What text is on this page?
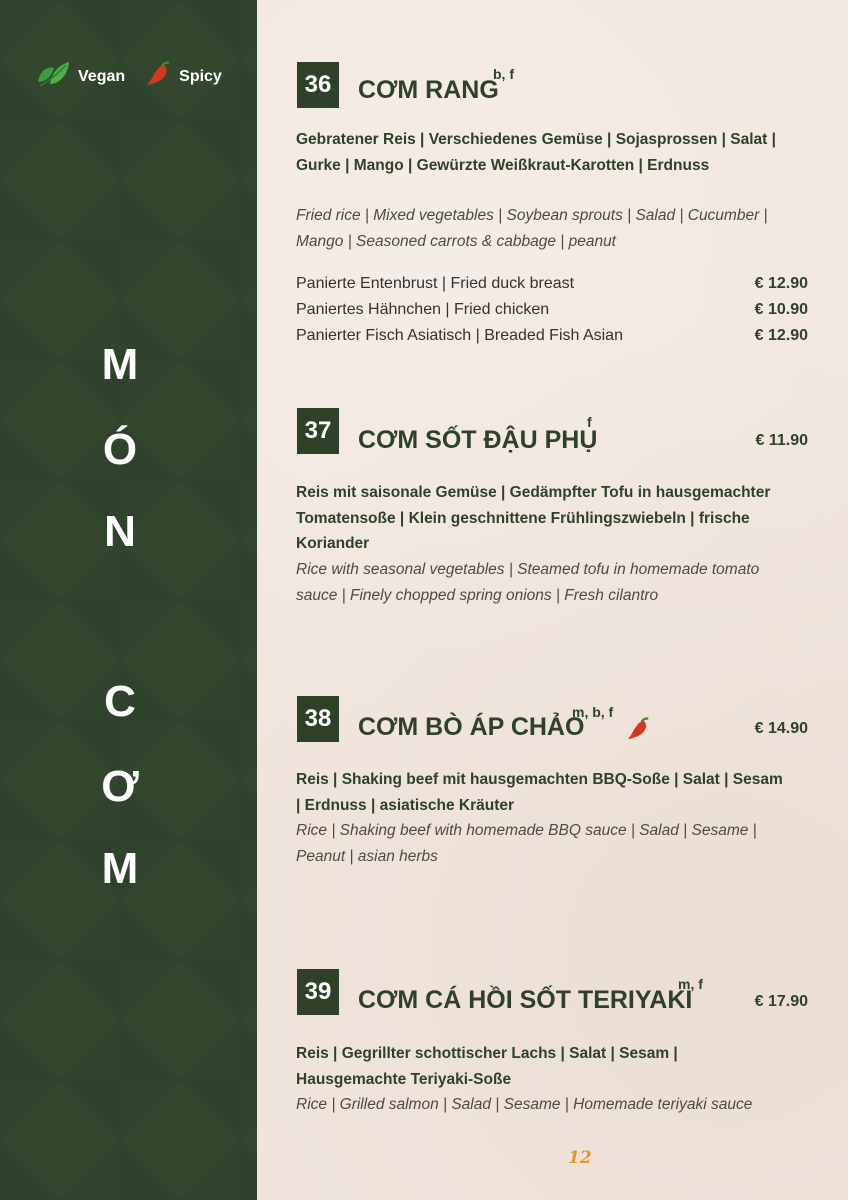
Vegan	Spicy
M
Ó
N
C
Ơ
M
36	CƠM RANG
b, f
Gebratener Reis | Verschiedenes Gemüse | Sojasprossen | Salat | Gurke | Mango | Gewürzte Weißkraut-Karotten | Erdnuss
Fried rice | Mixed vegetables | Soybean sprouts | Salad | Cucumber | Mango | Seasoned carrots & cabbage | peanut
Panierte Entenbrust | Fried duck breast	€ 12.90
Paniertes Hähnchen | Fried chicken	€ 10.90
Panierter Fisch Asiatisch | Breaded Fish Asian	€ 12.90
37	CƠM SỐT ĐẬU PHỤ
f
€ 11.90
Reis mit saisonale Gemüse | Gedämpfter Tofu in hausgemachter Tomatensoße | Klein geschnittene Frühlingszwiebeln | frische Koriander
Rice with seasonal vegetables | Steamed tofu in homemade tomato sauce | Finely chopped spring onions | Fresh cilantro
38	CƠM BÒ ÁP CHẢO
m, b, f
€ 14.90
Reis | Shaking beef mit hausgemachten BBQ-Soße | Salat | Sesam | Erdnuss | asiatische Kräuter
Rice | Shaking beef with homemade BBQ sauce | Salad | Sesame | Peanut | asian herbs
39	CƠM CÁ HỒI SỐT TERIYAKI
m, f
€ 17.90
Reis | Gegrillter schottischer Lachs | Salat | Sesam | Hausgemachte Teriyaki-Soße
Rice | Grilled salmon | Salad | Sesame | Homemade teriyaki sauce
12
